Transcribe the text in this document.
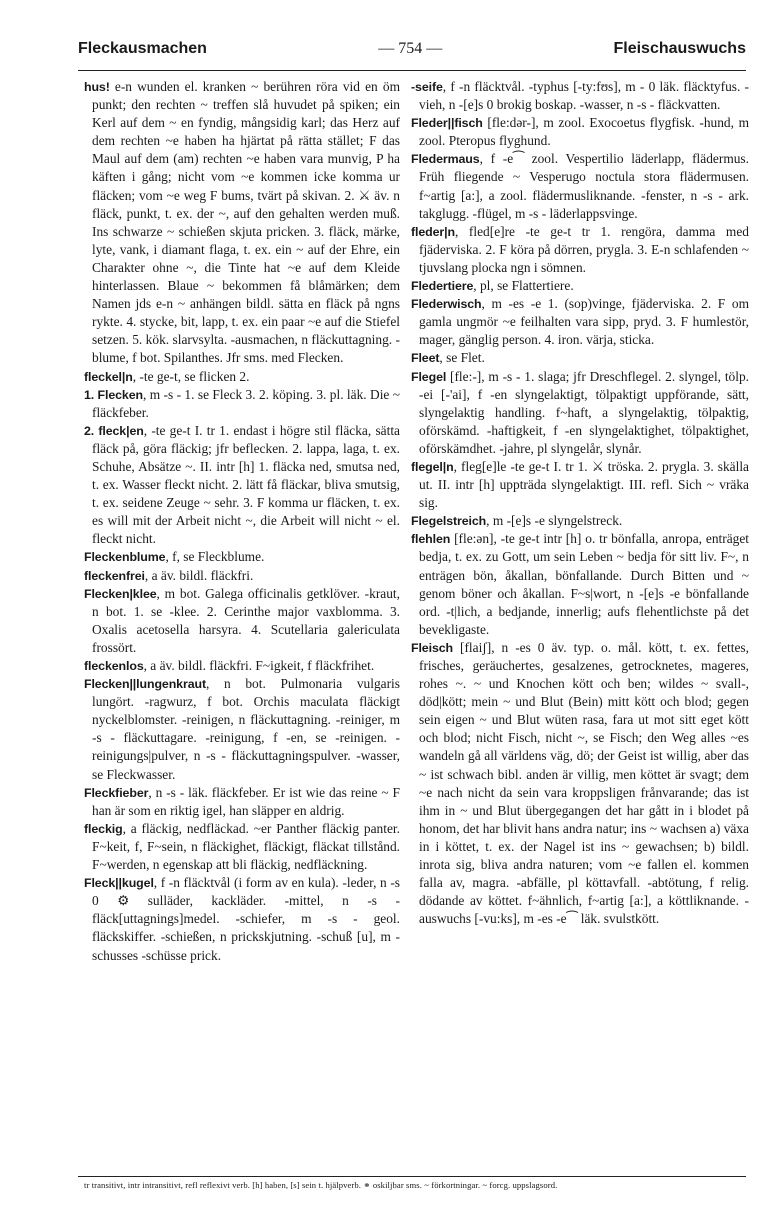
Fleckausmachen	— 754 —	Fleischauswuchs

hus! e-n wunden el. kranken ~ berühren röra vid en öm punkt; den rechten ~ treffen slå huvudet på spiken; ein Kerl auf dem ~ en fyndig, mångsidig karl; das Herz auf dem rechten ~e haben ha hjärtat på rätta stället; F das Maul auf dem (am) rechten ~e haben vara munvig, P ha käften i gång; nicht vom ~e kommen icke komma ur fläcken; vom ~e weg F bums, tvärt på skivan. 2. ⚔ äv. n fläck, punkt, t. ex. der ~, auf den gehalten werden muß. Ins schwarze ~ schießen skjuta pricken. 3. fläck, märke, lyte, vank, i diamant flaga, t. ex. ein ~ auf der Ehre, ein Charakter ohne ~, die Tinte hat ~e auf dem Kleide hinterlassen. Blaue ~ bekommen få blåmärken; dem Namen jds e-n ~ anhängen bildl. sätta en fläck på ngns rykte. 4. stycke, bit, lapp, t. ex. ein paar ~e auf die Stiefel setzen. 5. kök. slarvsylta. -ausmachen, n fläckuttagning. -blume, f bot. Spilanthes. Jfr sms. med Flecken.

fleckel|n, -te ge-t, se flicken 2.

1. Flecken, m -s - 1. se Fleck 3. 2. köping. 3. pl. läk. Die ~ fläckfeber.

2. fleck|en, -te ge-t I. tr 1. endast i högre stil fläcka, sätta fläck på, göra fläckig; jfr beflecken. 2. lappa, laga, t. ex. Schuhe, Absätze ~. II. intr [h] 1. fläcka ned, smutsa ned, t. ex. Wasser fleckt nicht. 2. lätt få fläckar, bliva smutsig, t. ex. seidene Zeuge ~ sehr. 3. F komma ur fläcken, t. ex. es will mit der Arbeit nicht ~, die Arbeit will nicht ~ el. fleckt nicht.

Fleckenblume, f, se Fleckblume.

fleckenfrei, a äv. bildl. fläckfri.

Flecken|klee, m bot. Galega officinalis getklöver. -kraut, n bot. 1. se -klee. 2. Cerinthe major vaxblomma. 3. Oxalis acetosella harsyra. 4. Scutellaria galericulata frossört.

fleckenlos, a äv. bildl. fläckfri. F~igkeit, f fläckfrihet.

Flecken||lungenkraut, n bot. Pulmonaria vulgaris lungört. -ragwurz, f bot. Orchis maculata fläckigt nyckelblomster. -reinigen, n fläckuttagning. -reiniger, m -s - fläckuttagare. -reinigung, f -en, se -reinigen. -reinigungs|pulver, n -s - fläckuttagningspulver. -wasser, se Fleckwasser.

Fleckfieber, n -s - läk. fläckfeber. Er ist wie das reine ~ F han är som en riktig igel, han släpper en aldrig.

fleckig, a fläckig, nedfläckad. ~er Panther fläckig panter. F~keit, f, F~sein, n fläckighet, fläckigt, fläckat tillstånd. F~werden, n egenskap att bli fläckig, nedfläckning.

Fleck||kugel, f -n fläcktvål (i form av en kula). -leder, n -s 0 ⚙ sulläder, kackläder. -mittel, n -s - fläck[uttagnings]medel. -schiefer, m -s - geol. fläckskiffer. -schießen, n prickskjutning. -schuß [u], m -schusses -schüsse prick.

-seife, f -n fläcktvål. -typhus [-ty:fʊs], m - 0 läk. fläcktyfus. -vieh, n -[e]s 0 brokig boskap. -wasser, n -s - fläckvatten.

Fleder||fisch [fle:dər-], m zool. Exocoetus flygfisk. -hund, m zool. Pteropus flyghund.

Fledermaus, f -e⁀ zool. Vespertilio läderlapp, flädermus. Früh fliegende ~ Vesperugo noctula stora flädermusen. f~artig [a:], a zool. flädermusliknande. -fenster, n -s - ark. takglugg. -flügel, m -s - läderlappsvinge.

fleder|n, fled[e]re -te ge-t tr 1. rengöra, damma med fjäderviska. 2. F köra på dörren, prygla. 3. E-n schlafenden ~ tjuvslang plocka ngn i sömnen.

Fledertiere, pl, se Flattertiere.

Flederwisch, m -es -e 1. (sop)vinge, fjäderviska. 2. F om gamla ungmör ~e feilhalten vara sipp, pryd. 3. F humlestör, mager, gänglig person. 4. iron. värja, sticka.

Fleet, se Flet.

Flegel [fle:-], m -s - 1. slaga; jfr Dreschflegel. 2. slyngel, tölp. -ei [-'ai], f -en slyngelaktigt, tölpaktigt uppförande, sätt, slyngelaktig handling. f~haft, a slyngelaktig, tölpaktig, oförskämd. -haftigkeit, f -en slyngelaktighet, tölpaktighet, oförskämdhet. -jahre, pl slyngelår, slynår.

flegel|n, fleg[e]le -te ge-t I. tr 1. ⚔ tröska. 2. prygla. 3. skälla ut. II. intr [h] uppträda slyngelaktigt. III. refl. Sich ~ vräka sig.

Flegelstreich, m -[e]s -e slyngelstreck.

flehlen [fle:ən], -te ge-t intr [h] o. tr bönfalla, anropa, enträget bedja, t. ex. zu Gott, um sein Leben ~ bedja för sitt liv. F~, n enträgen bön, åkallan, bönfallande. Durch Bitten und ~ genom böner och åkallan. F~s|wort, n -[e]s -e bönfallande ord. -t|lich, a bedjande, innerlig; aufs flehentlichste på det bevekligaste.

Fleisch [flaiʃ], n -es 0 äv. typ. o. mål. kött, t. ex. fettes, frisches, geräuchertes, gesalzenes, getrocknetes, mageres, rohes ~. ~ und Knochen kött och ben; wildes ~ svall-, död|kött; mein ~ und Blut (Bein) mitt kött och blod; gegen sein eigen ~ und Blut wüten rasa, fara ut mot sitt eget kött och blod; nicht Fisch, nicht ~, se Fisch; den Weg alles ~es wandeln gå all världens väg, dö; der Geist ist willig, aber das ~ ist schwach bibl. anden är villig, men köttet är svagt; dem ~e nach nicht da sein vara kroppsligen frånvarande; das ist ihm in ~ und Blut übergegangen det har gått in i blodet på honom, det har blivit hans andra natur; ins ~ wachsen a) växa in i köttet, t. ex. der Nagel ist ins ~ gewachsen; b) bildl. inrota sig, bliva andra naturen; vom ~e fallen el. kommen falla av, magra. -abfälle, pl köttavfall. -abtötung, f relig. dödande av köttet. f~ähnlich, f~artig [a:], a köttliknande. -auswuchs [-vu:ks], m -es -e⁀ läk. svulstkött.

tr transitivt, intr intransitivt, refl reflexivt verb. [h] haben, [s] sein t. hjälpverb. ⚭ oskiljbar sms. ~ förkortningar. ~ forcg. uppslagsord.
